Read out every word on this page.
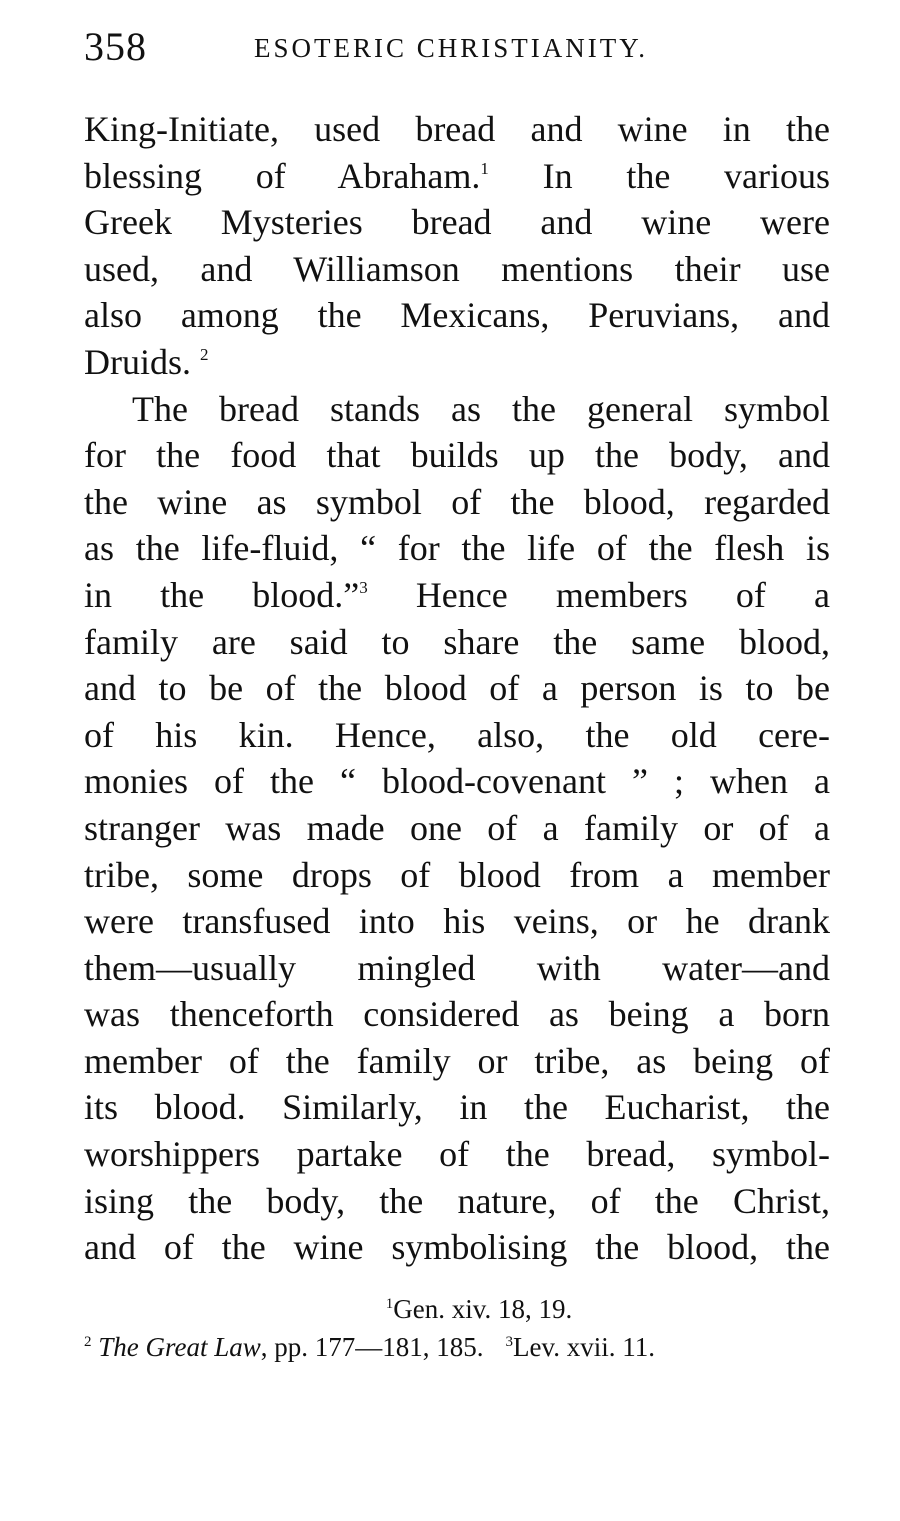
358	ESOTERIC CHRISTIANITY.
King-Initiate, used bread and wine in the
blessing of Abraham.$^1$ In the various
Greek Mysteries bread and wine were
used, and Williamson mentions their use
also among the Mexicans, Peruvians, and
Druids. $^2$
The bread stands as the general symbol
for the food that builds up the body, and
the wine as symbol of the blood, regarded
as the life-fluid, “ for the life of the flesh is
in the blood.”$^3$ Hence members of a
family are said to share the same blood,
and to be of the blood of a person is to be
of his kin. Hence, also, the old cere-
monies of the “ blood-covenant ” ; when a
stranger was made one of a family or of a
tribe, some drops of blood from a member
were transfused into his veins, or he drank
them—usually mingled with water—and
was thenceforth considered as being a born
member of the family or tribe, as being of
its blood. Similarly, in the Eucharist, the
worshippers partake of the bread, symbol-
ising the body, the nature, of the Christ,
and of the wine symbolising the blood, the
$^1$Gen. xiv. 18, 19.
$^2$ The Great Law, pp. 177—181, 185. $^3$Lev. xvii. 11.
